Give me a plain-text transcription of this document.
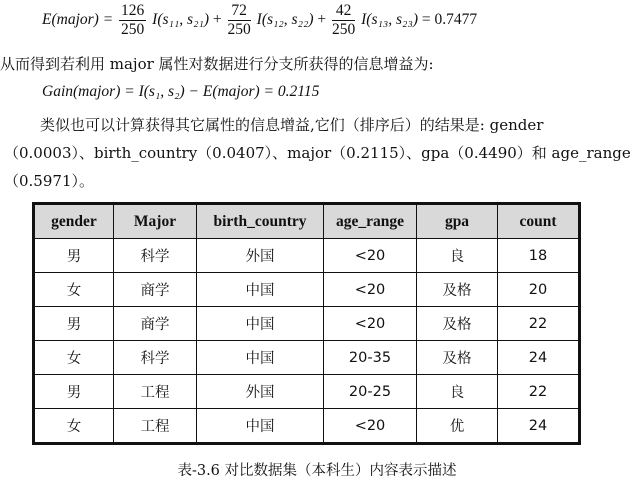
E(major) = $\frac{126}{250} I(s_{11}$, $s_{21}) + \frac{72}{250} I(s_{12}$, $s_{22}) + \frac{42}{250} I(s_{13}$, s₂₃) = 0.7477
从而得到若利用 major 属性对数据进行分支所获得的信息增益为:
Gain(major) = I(s₁, s₂) − E(major) = 0.2115
类似也可以计算获得其它属性的信息增益,它们（排序后）的结果是: gender
（0.0003）、birth_country（0.0407）、major（0.2115）、gpa（0.4490）和 age_range
（0.5971）。
gender	Major	birth_country	age_range	gpa	count
男	科学	外国	<20	良	18
女	商学	中国	<20	及格	20
男	商学	中国	<20	及格	22
女	科学	中国	20-35	及格	24
男	工程	外国	20-25	良	22
女	工程	中国	<20	优	24
表-3.6 对比数据集（本科生）内容表示描述
